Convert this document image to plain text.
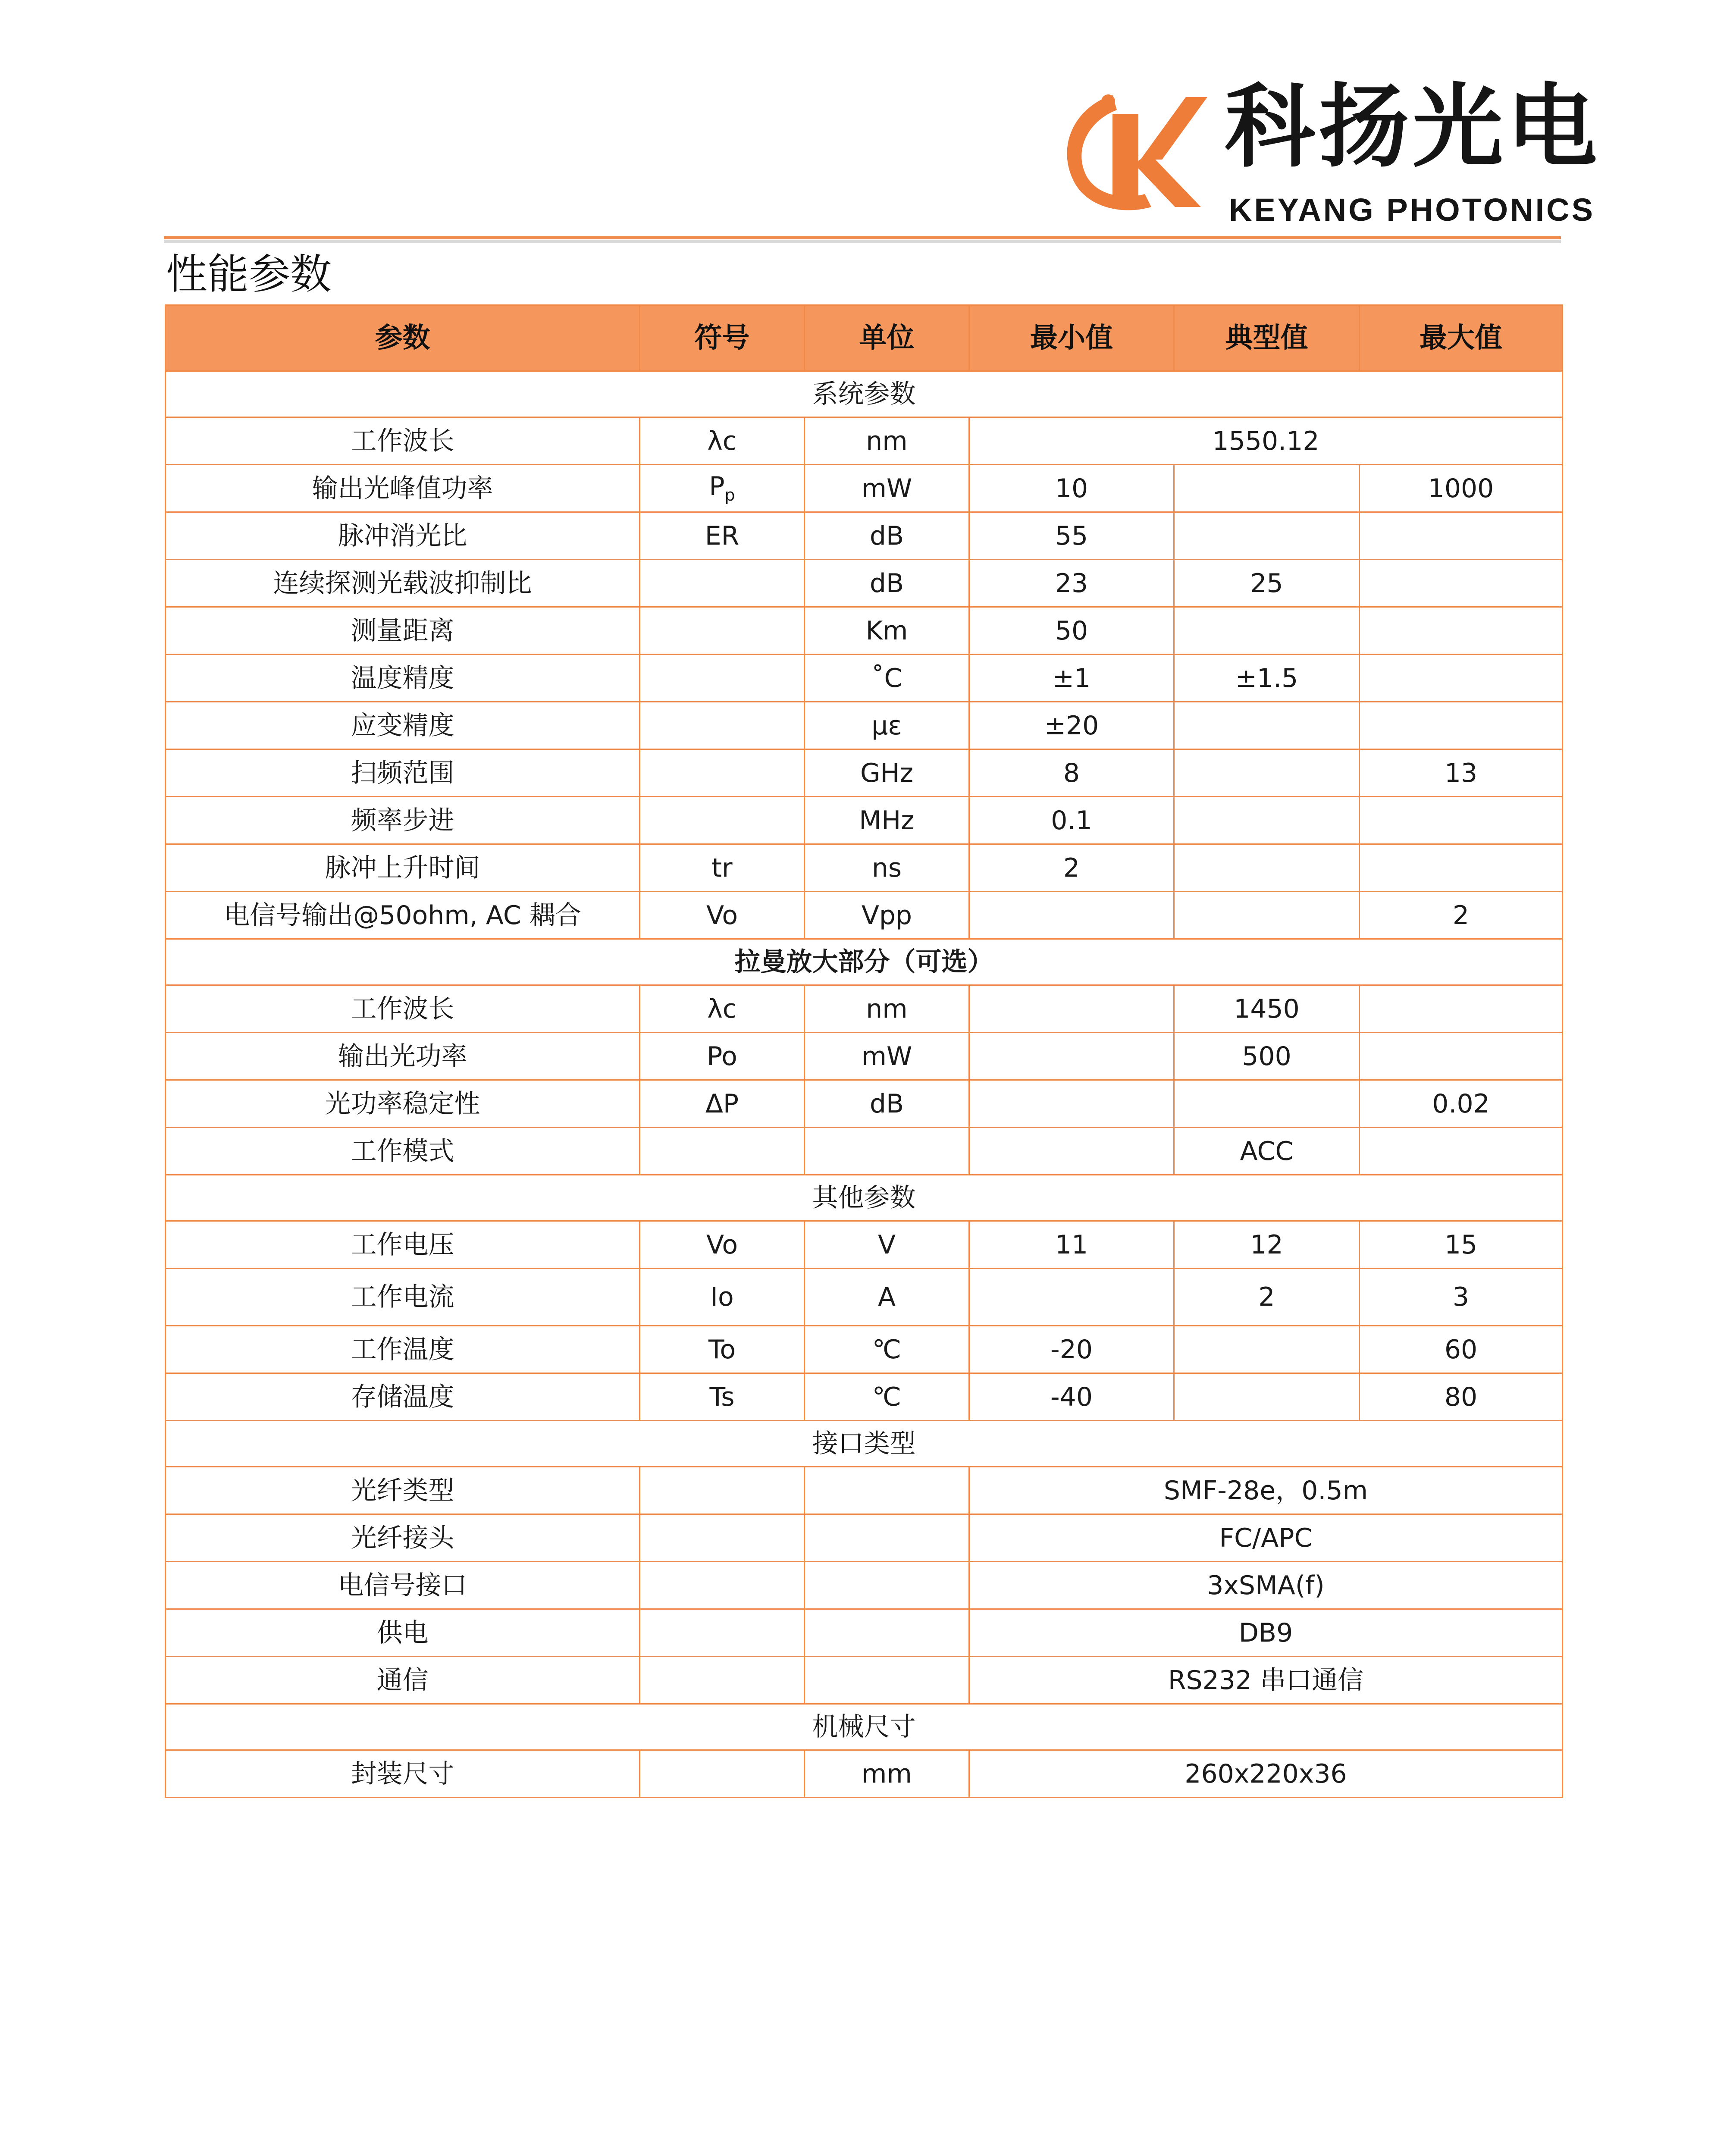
科扬光电
KEYANG PHOTONICS
性能参数
参数	符号	单位	最小值	典型值	最大值
系统参数					
工作波长	λc	nm	1550.12		
输出光峰值功率	$P_p$	mW	10		1000
脉冲消光比	ER	dB	55		
连续探测光载波抑制比		dB	23	25	
测量距离		Km	50		
温度精度		˚C	±1	±1.5	
应变精度		με	±20		
扫频范围		GHz	8		13
频率步进		MHz	0.1		
脉冲上升时间	tr	ns	2		
电信号输出@50ohm, AC 耦合	Vo	Vpp			2
拉曼放大部分（可选）					
工作波长	λc	nm		1450	
输出光功率	Po	mW		500	
光功率稳定性	ΔP	dB			0.02
工作模式				ACC	
其他参数					
工作电压	Vo	V	11	12	15
工作电流	Io	A		2	3
工作温度	To	℃	-20		60
存储温度	Ts	℃	-40		80
接口类型					
光纤类型			SMF-28e，0.5m		
光纤接头			FC/APC		
电信号接口			3xSMA(f)		
供电			DB9		
通信			RS232 串口通信		
机械尺寸					
封装尺寸		mm	260x220x36		
